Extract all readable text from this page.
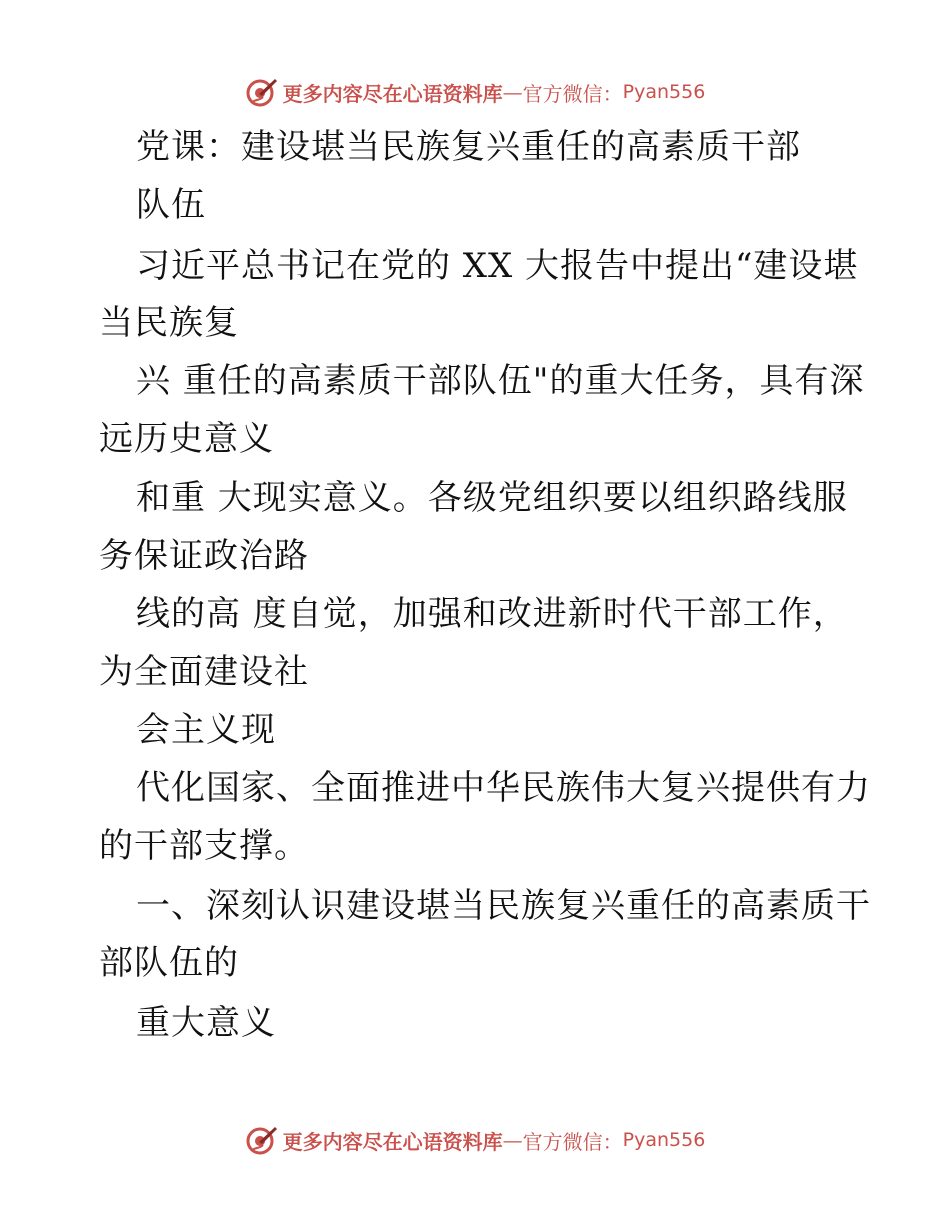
更多内容尽在心语资料库 — 官方微信： Pyan556
党课：建设堪当民族复兴重任的高素质干部
队伍
习近平总书记在党的 XX 大报告中提出“建设堪
当民族复
兴 重任的高素质干部队伍"的重大任务，具有深
远历史意义
和重 大现实意义。各级党组织要以组织路线服
务保证政治路
线的高 度自觉，加强和改进新时代干部工作，
为全面建设社
会主义现
代化国家、全面推进中华民族伟大复兴提供有力
的干部支撑。
一、深刻认识建设堪当民族复兴重任的高素质干
部队伍的
重大意义
更多内容尽在心语资料库 — 官方微信： Pyan556
